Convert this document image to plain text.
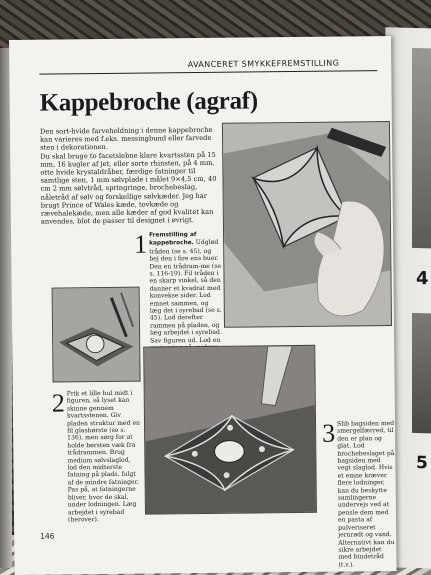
4
5
AVANCERET SMYKKEFREMSTILLING
Kappebroche (agraf)

Den sort-hvide farveholdning i denne kappebroche kan varieres med f.eks. messingbund eller farvede sten i dekorationen.

Du skal bruge to facetslebne klare kvartssten på 15 mm, 16 kugler af jet, eller sorte rhinsten, på 4 mm, otte hvide krystaldråber, færdige fatninger til samtlige sten, 1 mm sølvplade i målet 9×4,5 cm, 40 cm 2 mm sølvtråd, springringe, brochebeslag, nåletråd af sølv og forskellige sølvkæder. Jeg har brugt Prince of Wales kæde, tovkæde og rævehalekæde, men alle kæder af god kvalitet kan anvendes, blot de passer til designet i øvrigt.

1 Fremstilling af kappebroche. Udglød tråden (se s. 45), og bej den i fire ens buer. Den en trådram-me (se s. 116-19). Fil tråden i en skarp vinkel, så den danner et kvadrat med konvekse sider. Lod emnet sammen, og læg det i syrebad (se s. 45). Lod derefter rammen på pladen, og læg arbejdet i syrebad. Sav figuren ud. Lod en
2 Prik et lille hul midt i figuren, så lyset kan skinne gennem kvartsstenen. Giv pladen struktur med en fil glasbørste (se s. 136), men sørg for at holde børsten væk fra trådrammen. Brug medium sølvslaglod, lod den midterste fatning på plads, fulgt af de mindre fatninger. Pas på, at fatningerne bliver, hvor de skal, under lodningen. Læg arbejdet i syrebad (herover).
3 Slib bagsiden med smergelfærred, til den er plan og glat. Lod brochebeslaget på bagsiden med vegt slaglod. Hvis et emne kræver flere lodninger, kan du beskytte samlingerne undervejs ved at pensle dem med en pasta af pulveriseret jernrødt og vand. Alternativt kan du sikre arbejdet med bindetråd (t.v.).
146
